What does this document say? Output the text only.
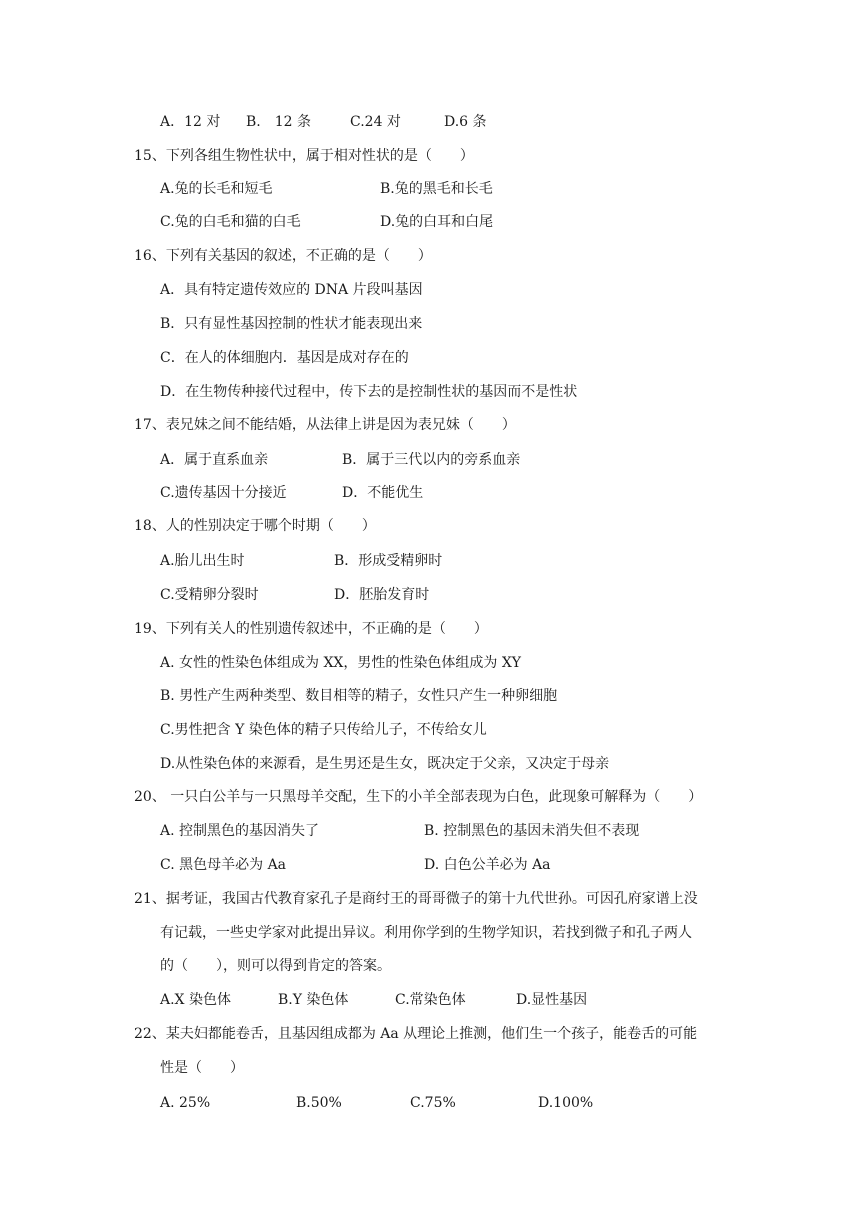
A．12 对 B.　12 条	C.24 对	D.6 条
15、下列各组生物性状中，属于相对性状的是（　　）
A.兔的长毛和短毛	B.兔的黑毛和长毛
C.兔的白毛和猫的白毛	D.兔的白耳和白尾
16、下列有关基因的叙述，不正确的是（　　）
A．具有特定遗传效应的 DNA 片段叫基因
B．只有显性基因控制的性状才能表现出来
C．在人的体细胞内．基因是成对存在的
D．在生物传种接代过程中，传下去的是控制性状的基因而不是性状
17、表兄妹之间不能结婚，从法律上讲是因为表兄妹（　　）
A．属于直系血亲	B．属于三代以内的旁系血亲
C.遗传基因十分接近	D．不能优生
18、人的性别决定于哪个时期（　　）
A.胎儿出生时	B．形成受精卵时
C.受精卵分裂时	D．胚胎发育时
19、下列有关人的性别遗传叙述中，不正确的是（　　）
A. 女性的性染色体组成为 XX，男性的性染色体组成为 XY
B. 男性产生两种类型、数目相等的精子，女性只产生一种卵细胞
C.男性把含 Y 染色体的精子只传给儿子，不传给女儿
D.从性染色体的来源看，是生男还是生女，既决定于父亲，又决定于母亲
20、 一只白公羊与一只黑母羊交配，生下的小羊全部表现为白色，此现象可解释为（　　）
A. 控制黑色的基因消失了	B. 控制黑色的基因未消失但不表现
C. 黑色母羊必为 Aa	D. 白色公羊必为 Aa
21、据考证，我国古代教育家孔子是商纣王的哥哥微子的第十九代世孙。可因孔府家谱上没
有记载，一些史学家对此提出异议。利用你学到的生物学知识，若找到微子和孔子两人
的（　　），则可以得到肯定的答案。
A.X 染色体	B.Y 染色体	C.常染色体	D.显性基因
22、某夫妇都能卷舌，且基因组成都为 Aa 从理论上推测，他们生一个孩子，能卷舌的可能
性是（　　）
A. 25%	B.50%	C.75%	D.100%
